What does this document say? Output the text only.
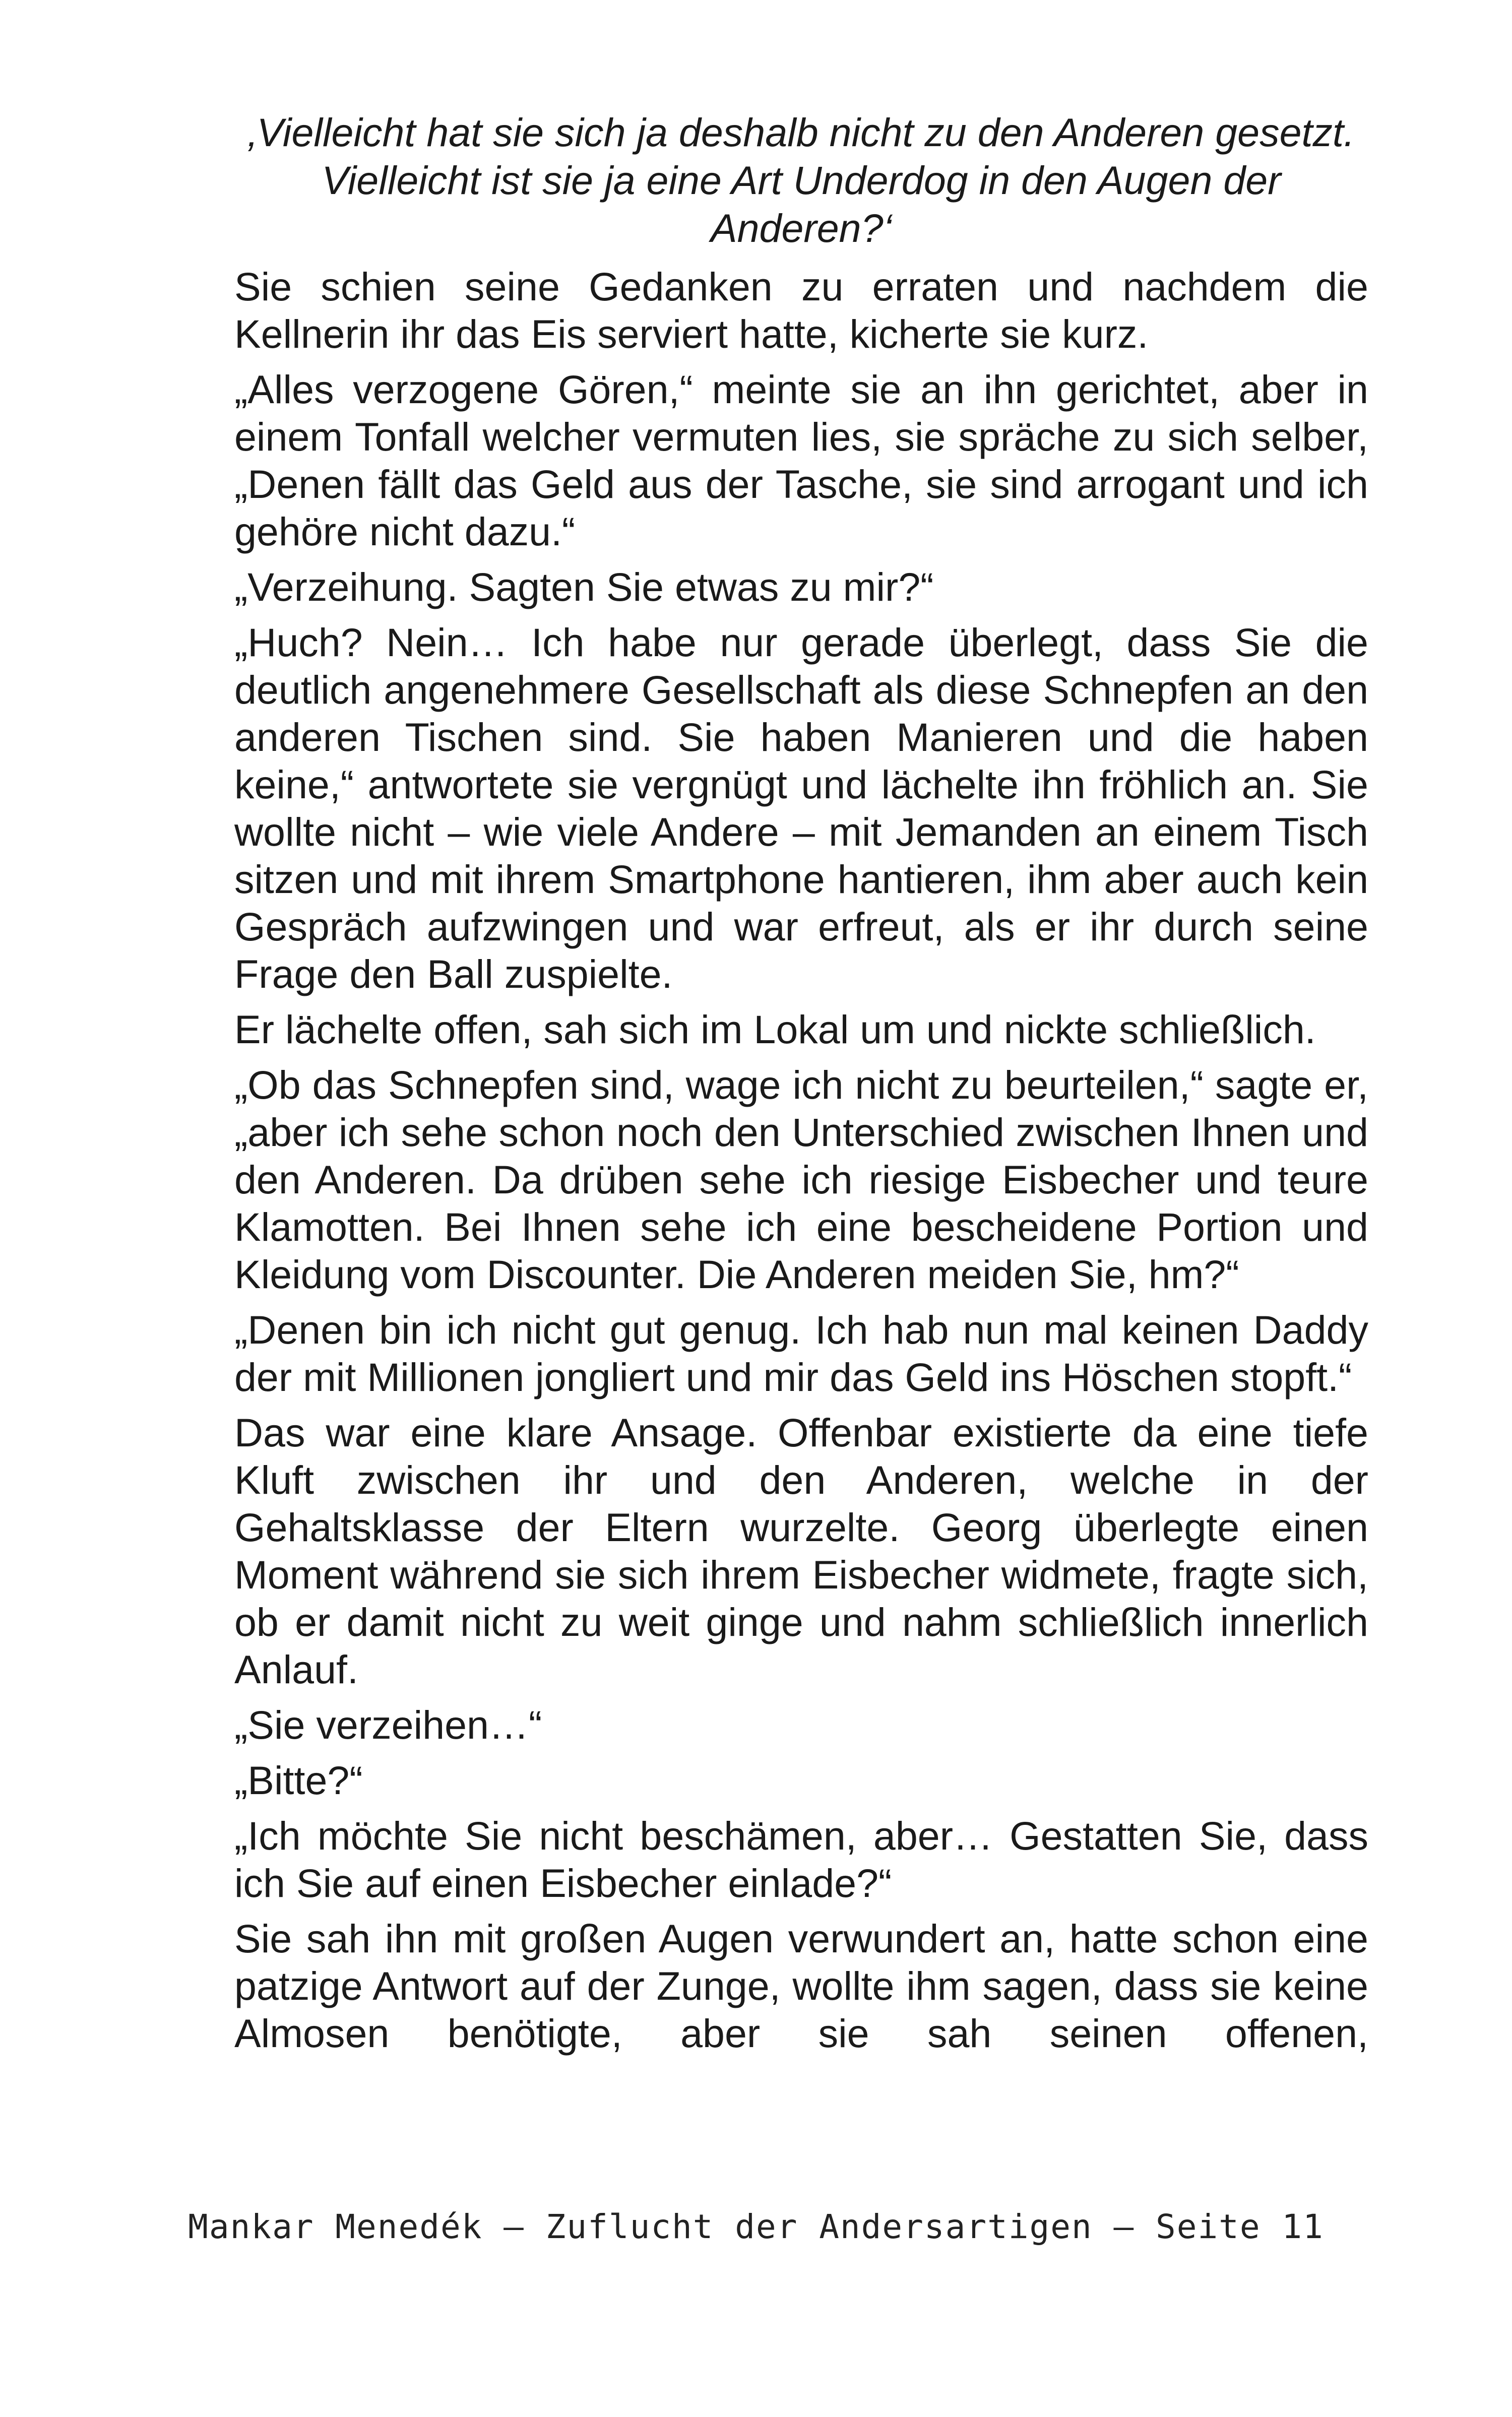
‚Vielleicht hat sie sich ja deshalb nicht zu den Anderen gesetzt. Vielleicht ist sie ja eine Art Underdog in den Augen der Anderen?‘

Sie schien seine Gedanken zu erraten und nachdem die Kellnerin ihr das Eis serviert hatte, kicherte sie kurz.

„Alles verzogene Gören,“ meinte sie an ihn gerichtet, aber in einem Tonfall welcher vermuten lies, sie spräche zu sich selber, „Denen fällt das Geld aus der Tasche, sie sind arrogant und ich gehöre nicht dazu.“

„Verzeihung. Sagten Sie etwas zu mir?“

„Huch? Nein… Ich habe nur gerade überlegt, dass Sie die deutlich angenehmere Gesellschaft als diese Schnepfen an den anderen Tischen sind. Sie haben Manieren und die haben keine,“ antwortete sie vergnügt und lächelte ihn fröhlich an. Sie wollte nicht – wie viele Andere – mit Jemanden an einem Tisch sitzen und mit ihrem Smartphone hantieren, ihm aber auch kein Gespräch aufzwingen und war erfreut, als er ihr durch seine Frage den Ball zuspielte.

Er lächelte offen, sah sich im Lokal um und nickte schließlich.

„Ob das Schnepfen sind, wage ich nicht zu beurteilen,“ sagte er, „aber ich sehe schon noch den Unterschied zwischen Ihnen und den Anderen. Da drüben sehe ich riesige Eisbecher und teure Klamotten. Bei Ihnen sehe ich eine bescheidene Portion und Kleidung vom Discounter. Die Anderen meiden Sie, hm?“

„Denen bin ich nicht gut genug. Ich hab nun mal keinen Daddy der mit Millionen jongliert und mir das Geld ins Höschen stopft.“

Das war eine klare Ansage. Offenbar existierte da eine tiefe Kluft zwischen ihr und den Anderen, welche in der Gehaltsklasse der Eltern wurzelte. Georg überlegte einen Moment während sie sich ihrem Eisbecher widmete, fragte sich, ob er damit nicht zu weit ginge und nahm schließlich innerlich Anlauf.

„Sie verzeihen…“

„Bitte?“

„Ich möchte Sie nicht beschämen, aber… Gestatten Sie, dass ich Sie auf einen Eisbecher einlade?“

Sie sah ihn mit großen Augen verwundert an, hatte schon eine patzige Antwort auf der Zunge, wollte ihm sagen, dass sie keine Almosen benötigte, aber sie sah seinen offenen,

Mankar Menedék – Zuflucht der Andersartigen – Seite 11
